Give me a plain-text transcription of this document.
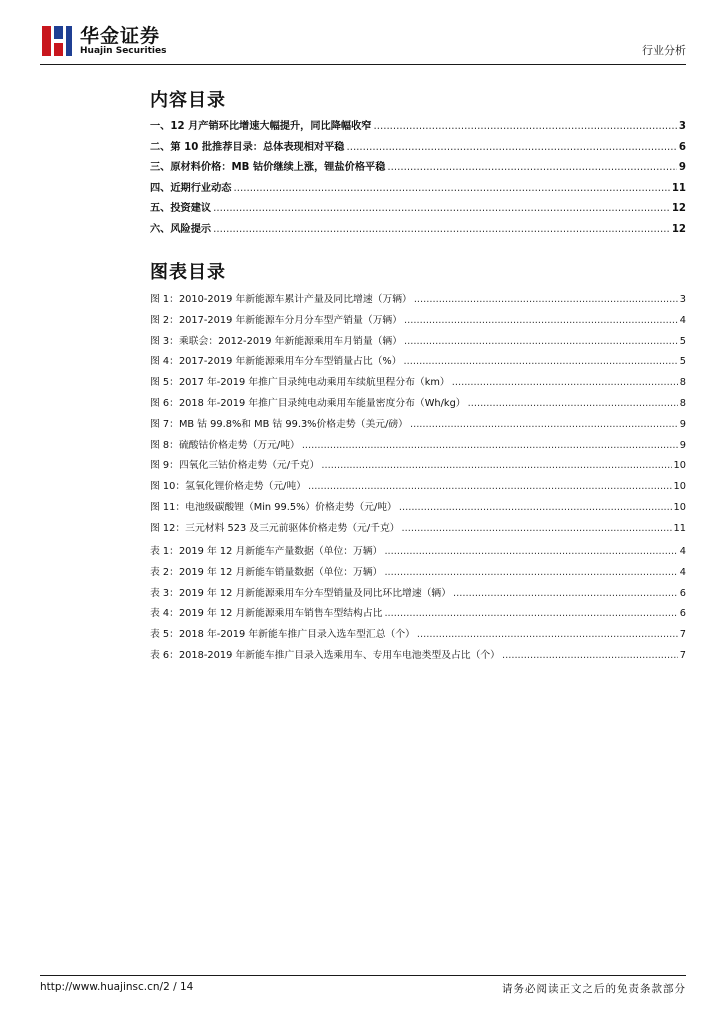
华金证券
Huajin Securities	行业分析
内容目录
一、12 月产销环比增速大幅提升，同比降幅收窄 .....	3
二、第 10 批推荐目录：总体表现相对平稳 .....	6
三、原材料价格：MB 钴价继续上涨，锂盐价格平稳 .....	9
四、近期行业动态 .....	11
五、投资建议 .....	12
六、风险提示 .....	12
图表目录
图 1：2010-2019 年新能源车累计产量及同比增速（万辆） .....	3
图 2：2017-2019 年新能源车分月分车型产销量（万辆） .....	4
图 3：乘联会：2012-2019 年新能源乘用车月销量（辆） .....	5
图 4：2017-2019 年新能源乘用车分车型销量占比（%） .....	5
图 5：2017 年-2019 年推广目录纯电动乘用车续航里程分布（km） .....	8
图 6：2018 年-2019 年推广目录纯电动乘用车能量密度分布（Wh/kg） .....	8
图 7：MB 钴 99.8%和 MB 钴 99.3%价格走势（美元/磅） .....	9
图 8：硫酸钴价格走势（万元/吨） .....	9
图 9：四氧化三钴价格走势（元/千克） .....	10
图 10：氢氧化锂价格走势（元/吨） .....	10
图 11：电池级碳酸锂（Min 99.5%）价格走势（元/吨） .....	10
图 12：三元材料 523 及三元前驱体价格走势（元/千克） .....	11
表 1：2019 年 12 月新能车产量数据（单位：万辆） .....	4
表 2：2019 年 12 月新能车销量数据（单位：万辆） .....	4
表 3：2019 年 12 月新能源乘用车分车型销量及同比环比增速（辆） .....	6
表 4：2019 年 12 月新能源乘用车销售车型结构占比 .....	6
表 5：2018 年-2019 年新能车推广目录入选车型汇总（个） .....	7
表 6：2018-2019 年新能车推广目录入选乘用车、专用车电池类型及占比（个） .....	7
http://www.huajinsc.cn/2 / 14	请务必阅读正文之后的免责条款部分
